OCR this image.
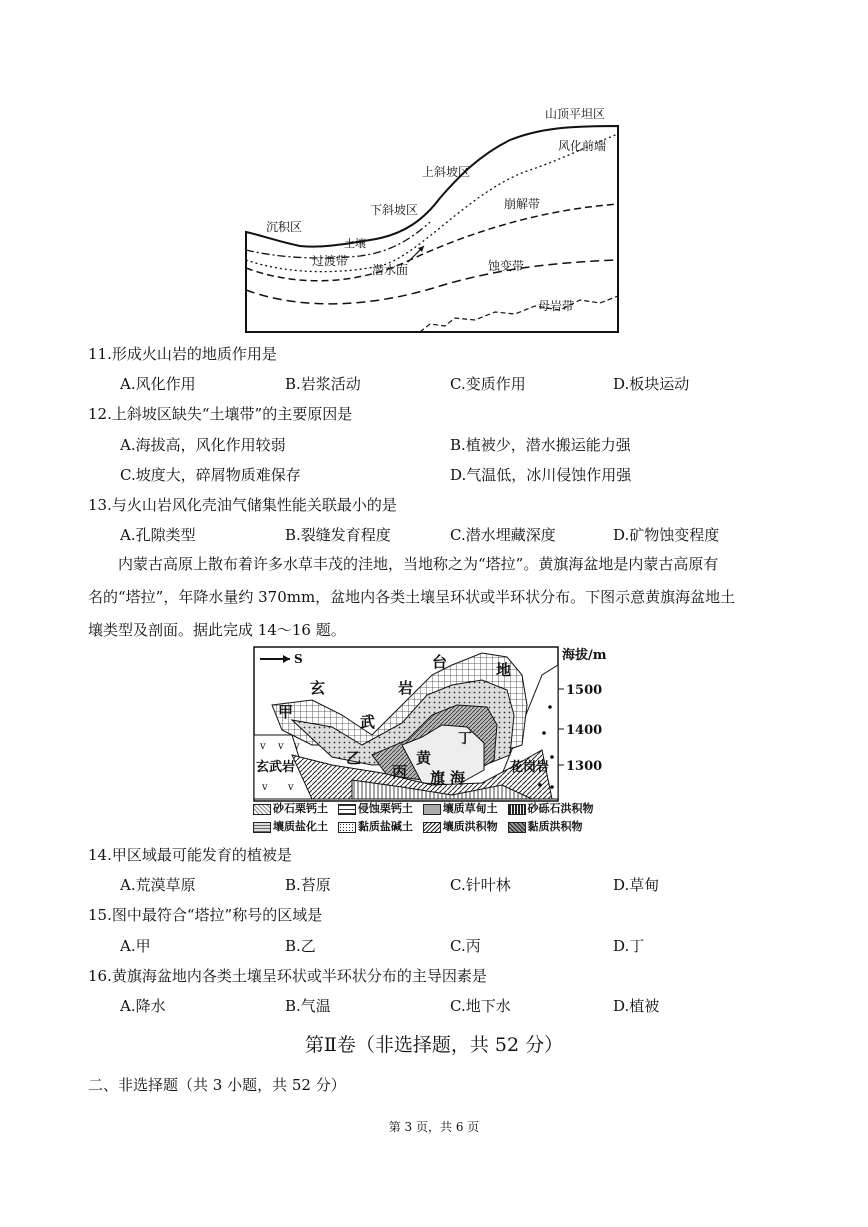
山顶平坦区
风化前端
上斜坡区
下斜坡区	崩解带
沉积区
土壤
过渡带
潜水面	蚀变带
母岩带
11.形成火山岩的地质作用是
A.风化作用	B.岩浆活动	C.变质作用	D.板块运动
12.上斜坡区缺失“土壤带”的主要原因是
A.海拔高，风化作用较弱	B.植被少，潜水搬运能力强
C.坡度大，碎屑物质难保存	D.气温低，冰川侵蚀作用强
13.与火山岩风化壳油气储集性能关联最小的是
A.孔隙类型	B.裂缝发育程度	C.潜水埋藏深度	D.矿物蚀变程度
内蒙古高原上散布着许多水草丰茂的洼地，当地称之为“塔拉”。黄旗海盆地是内蒙古高原有
名的“塔拉”，年降水量约 370mm，盆地内各类土壤呈环状或半环状分布。下图示意黄旗海盆地土
壤类型及剖面。据此完成 14～16 题。
v v v
v v
S	海拔/m
1500
1400
1300
台	地
玄	岩
武
甲
乙
丙
丁
黄
旗 海
玄武岩	花岗岩
砂石栗钙土	侵蚀栗钙土	壤质草甸土	砂砾石洪积物
壤质盐化土	黏质盐碱土	壤质洪积物	黏质洪积物
14.甲区域最可能发育的植被是
A.荒漠草原	B.苔原	C.针叶林	D.草甸
15.图中最符合“塔拉”称号的区域是
A.甲	B.乙	C.丙	D.丁
16.黄旗海盆地内各类土壤呈环状或半环状分布的主导因素是
A.降水	B.气温	C.地下水	D.植被
第Ⅱ卷（非选择题，共 52 分）
二、非选择题（共 3 小题，共 52 分）
第 3 页，共 6 页
